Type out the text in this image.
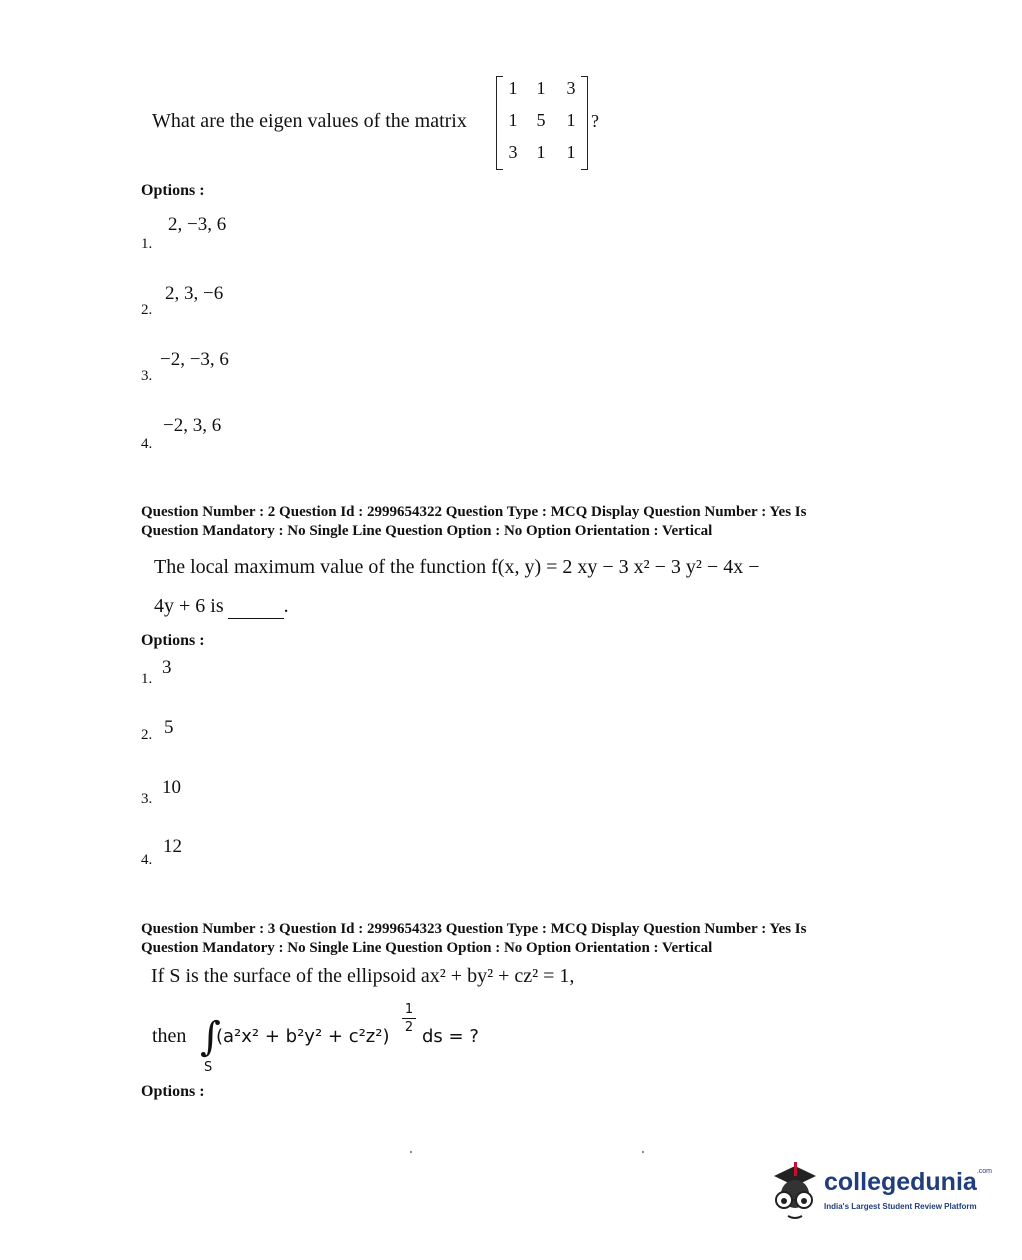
What are the eigen values of the matrix
1 1 3
1 5 1
3 1 1
?
Options :
2, −3, 6
1.
2, 3, −6
2.
−2, −3, 6
3.
−2, 3, 6
4.
Question Number : 2 Question Id : 2999654322 Question Type : MCQ Display Question Number : Yes Is
Question Mandatory : No Single Line Question Option : No Option Orientation : Vertical
The local maximum value of the function f(x, y) = 2 xy − 3 x² − 3 y² − 4x −
4y + 6 is	.
Options :
3
1.
5
2.
10
3.
12
4.
Question Number : 3 Question Id : 2999654323 Question Type : MCQ Display Question Number : Yes Is
Question Mandatory : No Single Line Question Option : No Option Orientation : Vertical
If S is the surface of the ellipsoid ax² + by² + cz² = 1,
then ∫
S
(a²x² + b²y² + c²z²)
1
2 ds = ?
Options :
collegedunia$^{.com}$
India's Largest Student Review Platform
